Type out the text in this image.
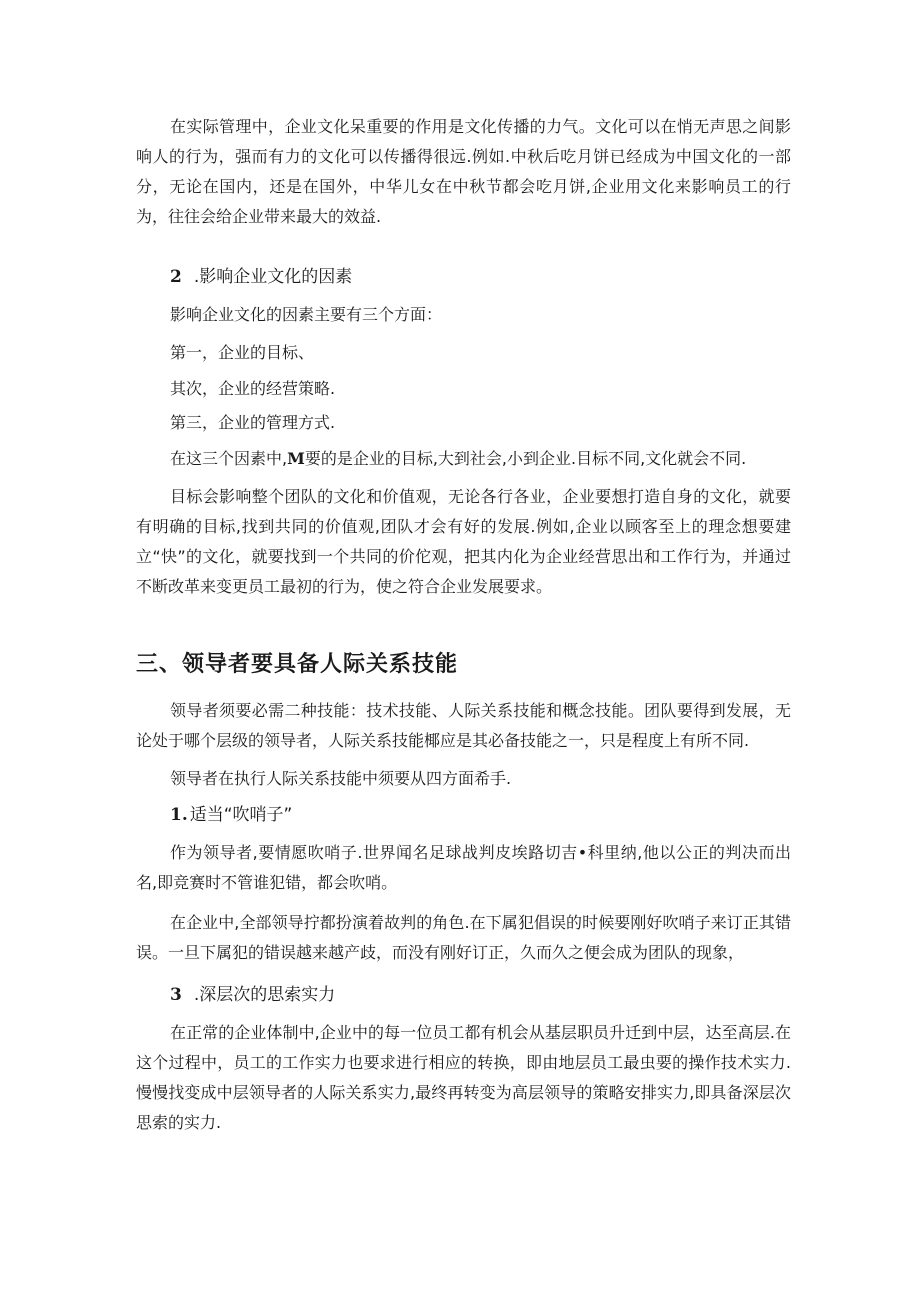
在实际管理中，企业文化呆重要的作用是文化传播的力气。文化可以在悄无声思之间影响人的行为，强而有力的文化可以传播得很远.例如.中秋后吃月饼已经成为中国文化的一部分，无论在国内，还是在国外，中华儿女在中秋节都会吃月饼,企业用文化来影响员工的行为，往往会给企业带来最大的效益.

2 .影响企业文化的因素

影响企业文化的因素主要有三个方面：

第一，企业的目标、

其次，企业的经营策略.

第三，企业的管理方式.

在这三个因素中,M要的是企业的目标,大到社会,小到企业.目标不同,文化就会不同.

目标会影响整个团队的文化和价值观，无论各行各业，企业要想打造自身的文化，就要有明确的目标,找到共同的价值观,团队才会有好的发展.例如,企业以顾客至上的理念想要建立“快”的文化，就要找到一个共同的价佗观，把其内化为企业经营思出和工作行为，并通过不断改革来变更员工最初的行为，使之符合企业发展要求。

三、领导者要具备人际关系技能

领导者须要必需二种技能：技术技能、人际关系技能和概念技能。团队要得到发展，无论处于哪个层级的领导者，人际关系技能椰应是其必备技能之一，只是程度上有所不同.

领导者在执行人际关系技能中须要从四方面希手.

1. 适当“吹哨子”

作为领导者,要情愿吹哨子.世界闻名足球战判皮埃路切吉•科里纳,他以公正的判决而出名,即竞赛时不管谁犯错，都会吹哨。

在企业中,全部领导拧都扮演着故判的角色.在下属犯倡误的时候要刚好吹哨子来订正其错误。一旦下属犯的错误越来越产歧，而没有刚好订正，久而久之便会成为团队的现象，

3 .深层次的思索实力

在正常的企业体制中,企业中的每一位员工都有机会从基层职员升迁到中层，达至高层.在这个过程中，员工的工作实力也要求进行相应的转换，即由地层员工最虫要的操作技术实力.慢慢找变成中层领导者的人际关系实力,最终再转变为高层领导的策略安排实力,即具备深层次思索的实力.
